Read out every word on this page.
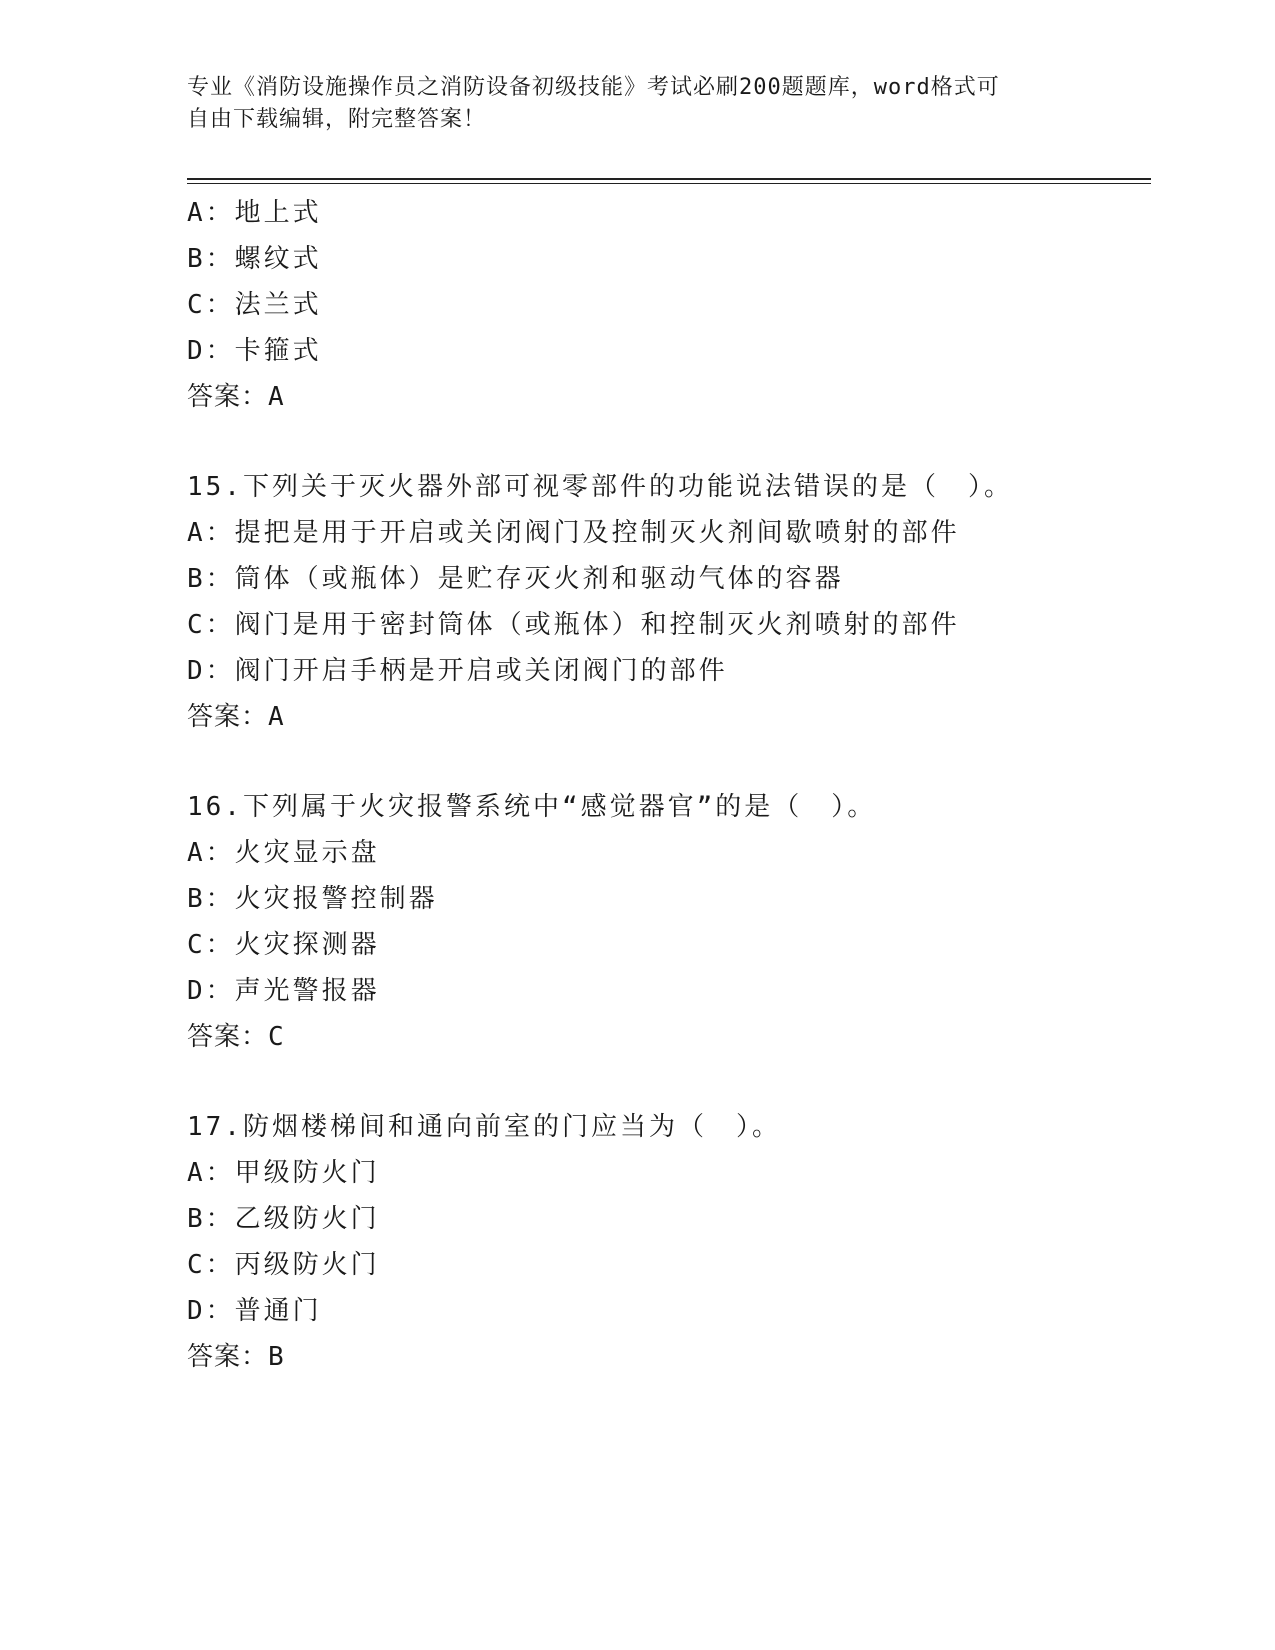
专业《消防设施操作员之消防设备初级技能》考试必刷200题题库，word格式可
自由下载编辑，附完整答案！
A：地上式
B：螺纹式
C：法兰式
D：卡箍式
答案：A
15.下列关于灭火器外部可视零部件的功能说法错误的是（　）。
A：提把是用于开启或关闭阀门及控制灭火剂间歇喷射的部件
B：筒体（或瓶体）是贮存灭火剂和驱动气体的容器
C：阀门是用于密封筒体（或瓶体）和控制灭火剂喷射的部件
D：阀门开启手柄是开启或关闭阀门的部件
答案：A
16.下列属于火灾报警系统中“感觉器官”的是（　）。
A：火灾显示盘
B：火灾报警控制器
C：火灾探测器
D：声光警报器
答案：C
17.防烟楼梯间和通向前室的门应当为（　）。
A：甲级防火门
B：乙级防火门
C：丙级防火门
D：普通门
答案：B
